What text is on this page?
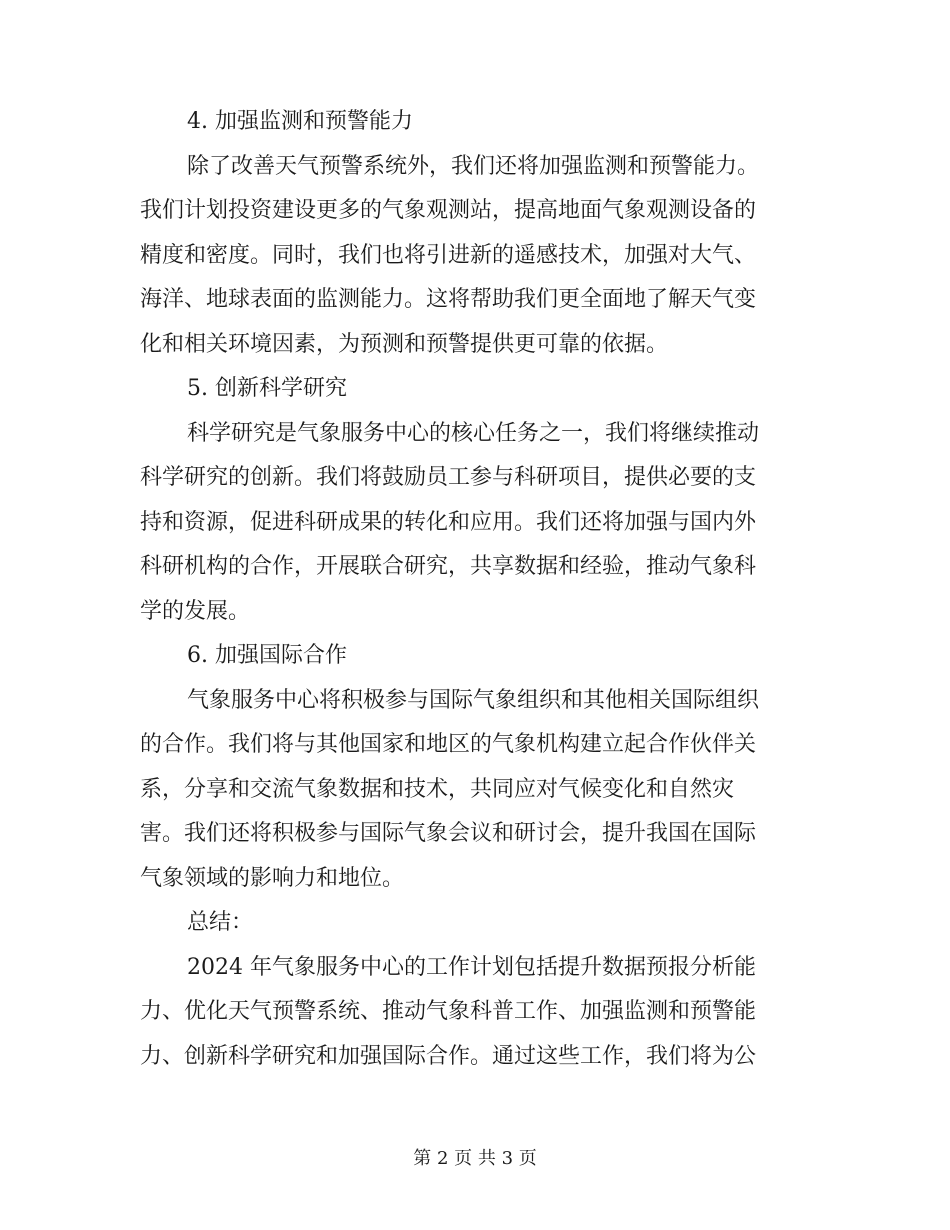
4. 加强监测和预警能力
除了改善天气预警系统外，我们还将加强监测和预警能力。
我们计划投资建设更多的气象观测站，提高地面气象观测设备的
精度和密度。同时，我们也将引进新的遥感技术，加强对大气、
海洋、地球表面的监测能力。这将帮助我们更全面地了解天气变
化和相关环境因素，为预测和预警提供更可靠的依据。
5. 创新科学研究
科学研究是气象服务中心的核心任务之一，我们将继续推动
科学研究的创新。我们将鼓励员工参与科研项目，提供必要的支
持和资源，促进科研成果的转化和应用。我们还将加强与国内外
科研机构的合作，开展联合研究，共享数据和经验，推动气象科
学的发展。
6. 加强国际合作
气象服务中心将积极参与国际气象组织和其他相关国际组织
的合作。我们将与其他国家和地区的气象机构建立起合作伙伴关
系，分享和交流气象数据和技术，共同应对气候变化和自然灾
害。我们还将积极参与国际气象会议和研讨会，提升我国在国际
气象领域的影响力和地位。
总结：
2024 年气象服务中心的工作计划包括提升数据预报分析能
力、优化天气预警系统、推动气象科普工作、加强监测和预警能
力、创新科学研究和加强国际合作。通过这些工作，我们将为公
第 2 页 共 3 页
